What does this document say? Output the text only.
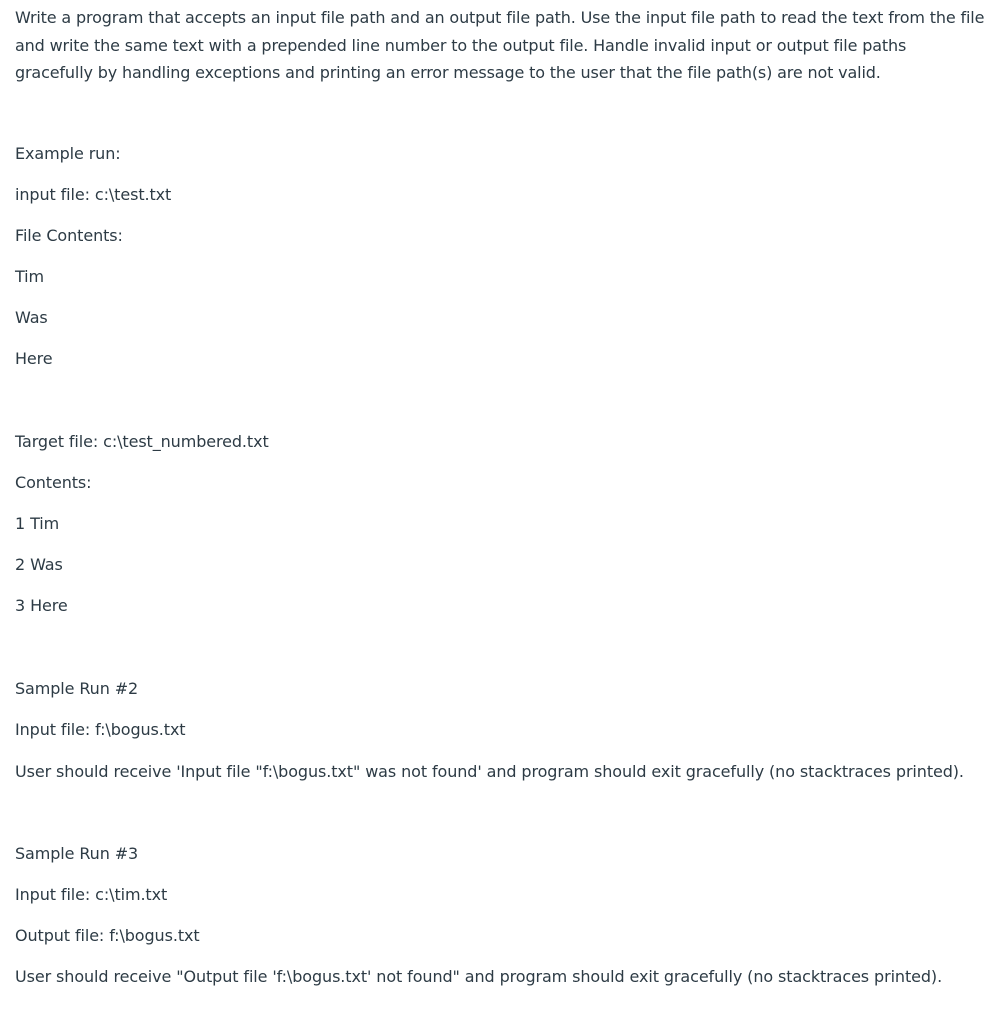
Write a program that accepts an input file path and an output file path. Use the input file path to read the text from the file and write the same text with a prepended line number to the output file. Handle invalid input or output file paths gracefully by handling exceptions and printing an error message to the user that the file path(s) are not valid.

Example run:

input file: c:\test.txt

File Contents:

Tim

Was

Here

Target file: c:\test_numbered.txt

Contents:

1 Tim

2 Was

3 Here

Sample Run #2

Input file: f:\bogus.txt

User should receive 'Input file "f:\bogus.txt" was not found' and program should exit gracefully (no stacktraces printed).

Sample Run #3

Input file: c:\tim.txt

Output file: f:\bogus.txt

User should receive "Output file 'f:\bogus.txt' not found" and program should exit gracefully (no stacktraces printed).
